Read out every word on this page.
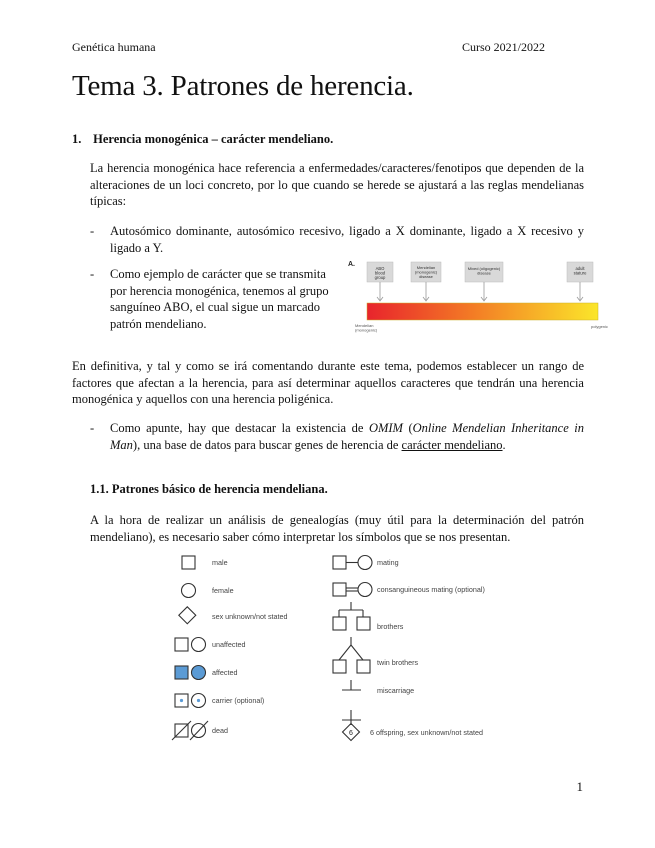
Genética humana	Curso 2021/2022
Tema 3. Patrones de herencia.
1. Herencia monogénica – carácter mendeliano.
La herencia monogénica hace referencia a enfermedades/caracteres/fenotipos que dependen de la alteraciones de un loci concreto, por lo que cuando se herede se ajustará a las reglas mendelianas típicas:
- Autosómico dominante, autosómico recesivo, ligado a X dominante, ligado a X recesivo y ligado a Y.
- Como ejemplo de carácter que se transmita por herencia monogénica, tenemos al grupo sanguíneo ABO, el cual sigue un marcado patrón mendeliano.
A.
ABO blood group
Mendelian (monogenic) disease
Mixed (oligogenic) disease
adult stature
Mendelian (monogenic)
polygenic
En definitiva, y tal y como se irá comentando durante este tema, podemos establecer un rango de factores que afectan a la herencia, para así determinar aquellos caracteres que tendrán una herencia monogénica y aquellos con una herencia poligénica.
- Como apunte, hay que destacar la existencia de OMIM (Online Mendelian Inheritance in Man), una base de datos para buscar genes de herencia de carácter mendeliano.
1.1. Patrones básico de herencia mendeliana.
A la hora de realizar un análisis de genealogías (muy útil para la determinación del patrón mendeliano), es necesario saber cómo interpretar los símbolos que se nos presentan.
6
male
female
sex unknown/not stated
unaffected
affected
carrier (optional)
dead
mating
consanguineous mating (optional)
brothers
twin brothers
miscarriage
6 offspring, sex unknown/not stated
1
